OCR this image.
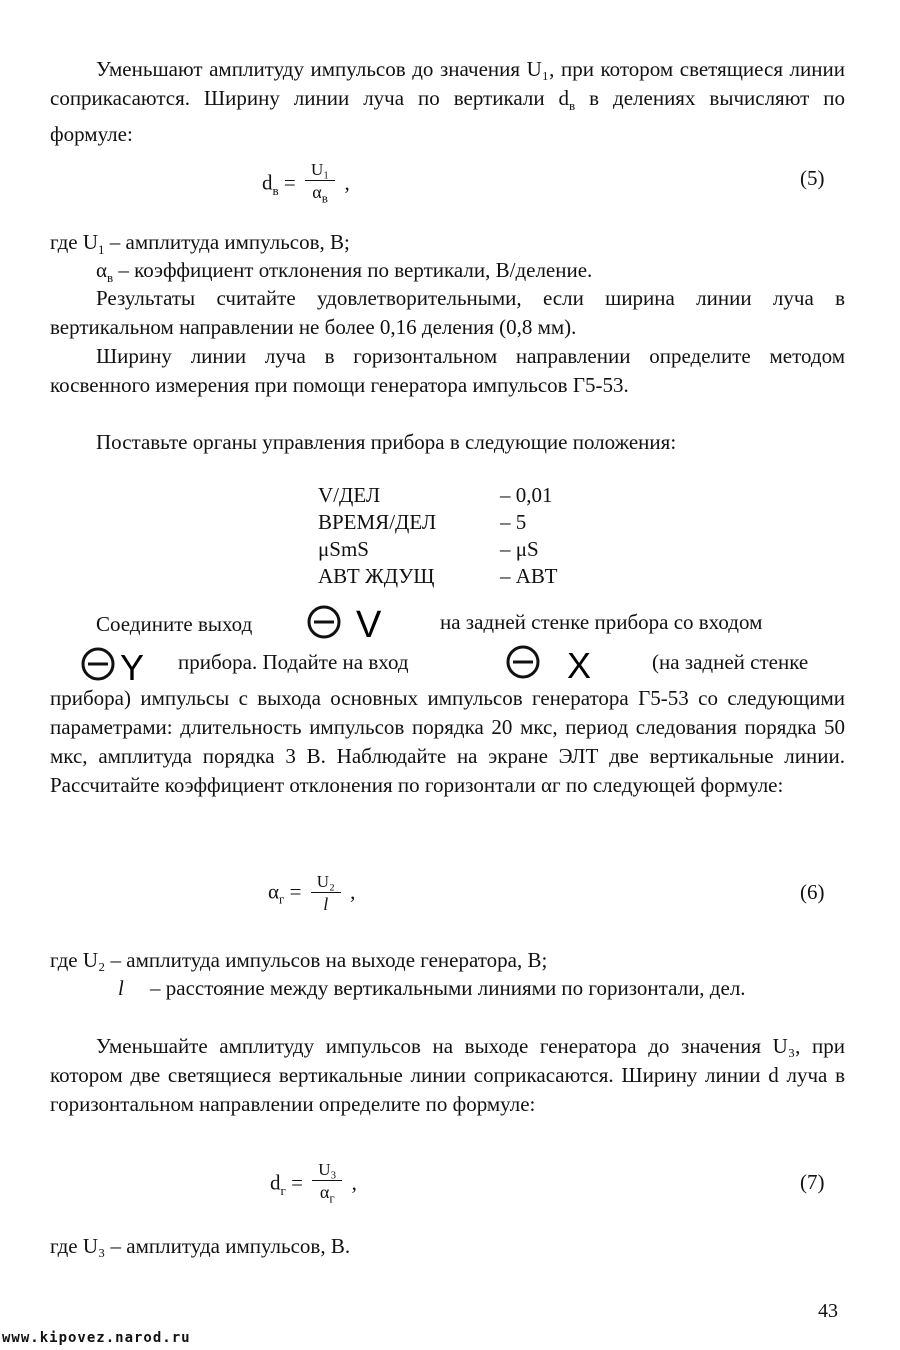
Уменьшают амплитуду импульсов до значения U₁, при котором светящиеся линии соприкасаются. Ширину линии луча по вертикали $d_в$ в делениях вычисляют по формуле:
$d_в = \frac{\text{U₁}}{\alpha_в}$ ,	(5)
где $U_1$ – амплитуда импульсов, В;
$\alpha_в$ – коэффициент отклонения по вертикали, В/деление.
Результаты считайте удовлетворительными, если ширина линии луча в вертикальном направлении не более 0,16 деления (0,8 мм).
Ширину линии луча в горизонтальном направлении определите методом косвенного измерения при помощи генератора импульсов Г5-53.
Поставьте органы управления прибора в следующие положения:
V/ДЕЛ	– 0,01
ВРЕМЯ/ДЕЛ	– 5
μSmS	– μS
АВТ ЖДУЩ	– АВТ
Соедините выход	V	на задней стенке прибора со входом
Y прибора. Подайте на вход	X	(на задней стенке
прибора) импульсы с выхода основных импульсов генератора Г5-53 со следующими параметрами: длительность импульсов порядка 20 мкс, период следования порядка 50 мкс, амплитуда порядка 3 В. Наблюдайте на экране ЭЛТ две вертикальные линии. Рассчитайте коэффициент отклонения по горизонтали αг по следующей формуле:
$\alpha_г = \frac{\text{U₂}}{l}$ ,	(6)
где U₂ – амплитуда импульсов на выходе генератора, В;
l – расстояние между вертикальными линиями по горизонтали, дел.
Уменьшайте амплитуду импульсов на выходе генератора до значения U₃, при котором две светящиеся вертикальные линии соприкасаются. Ширину линии d луча в горизонтальном направлении определите по формуле:
$d_г = \frac{\text{U₃}}{\alpha_г}$ ,	(7)
где U₃ – амплитуда импульсов, В.
43
www.kipovez.narod.ru
